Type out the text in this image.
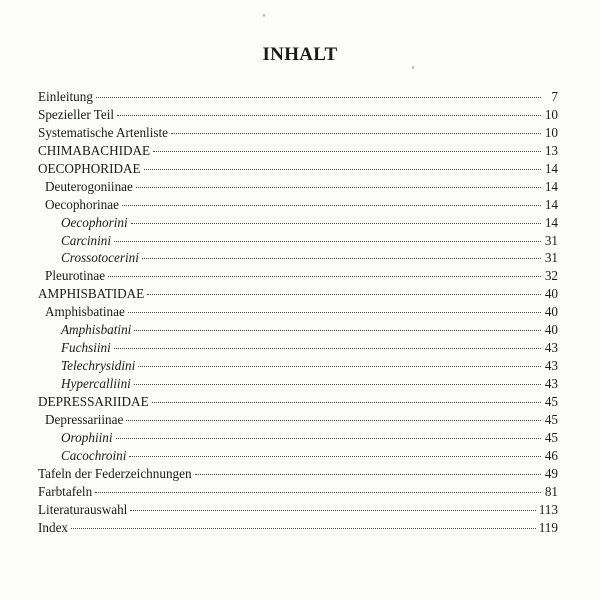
INHALT
Einleitung	7
Spezieller Teil	10
Systematische Artenliste	10
CHIMABACHIDAE	13
OECOPHORIDAE	14
Deuterogoniinae	14
Oecophorinae	14
Oecophorini	14
Carcinini	31
Crossotocerini	31
Pleurotinae	32
AMPHISBATIDAE	40
Amphisbatinae	40
Amphisbatini	40
Fuchsiini	43
Telechrysidini	43
Hypercalliini	43
DEPRESSARIIDAE	45
Depressariinae	45
Orophiini	45
Cacochroini	46
Tafeln der Federzeichnungen	49
Farbtafeln	81
Literaturauswahl	113
Index	119
